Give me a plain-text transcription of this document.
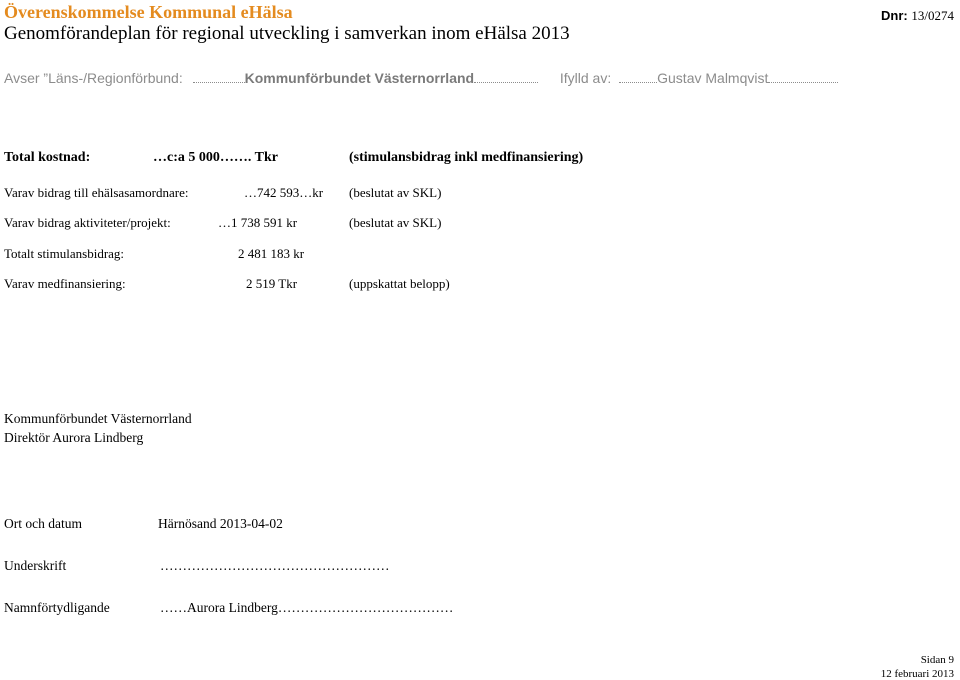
Överenskommelse Kommunal eHälsa
Genomförandeplan för regional utveckling i samverkan inom eHälsa 2013
Dnr: 13/0274
Avser ”Läns-/Regionförbund:	Kommunförbundet Västernorrland	Ifylld av:	Gustav Malmqvist
Total kostnad:	…c:a 5 000……. Tkr	(stimulansbidrag inkl medfinansiering)
Varav bidrag till ehälsasamordnare:	…742 593…kr (beslutat av SKL)
Varav bidrag aktiviteter/projekt:	…1 738 591 kr	(beslutat av SKL)
Totalt stimulansbidrag:	2 481 183 kr
Varav medfinansiering:	2 519 Tkr	(uppskattat belopp)
Kommunförbundet Västernorrland
Direktör Aurora Lindberg
Ort och datum	Härnösand 2013-04-02
Underskrift	……………………………………………
Namnförtydligande	……Aurora Lindberg…………………………………
Sidan 9
12 februari 2013
